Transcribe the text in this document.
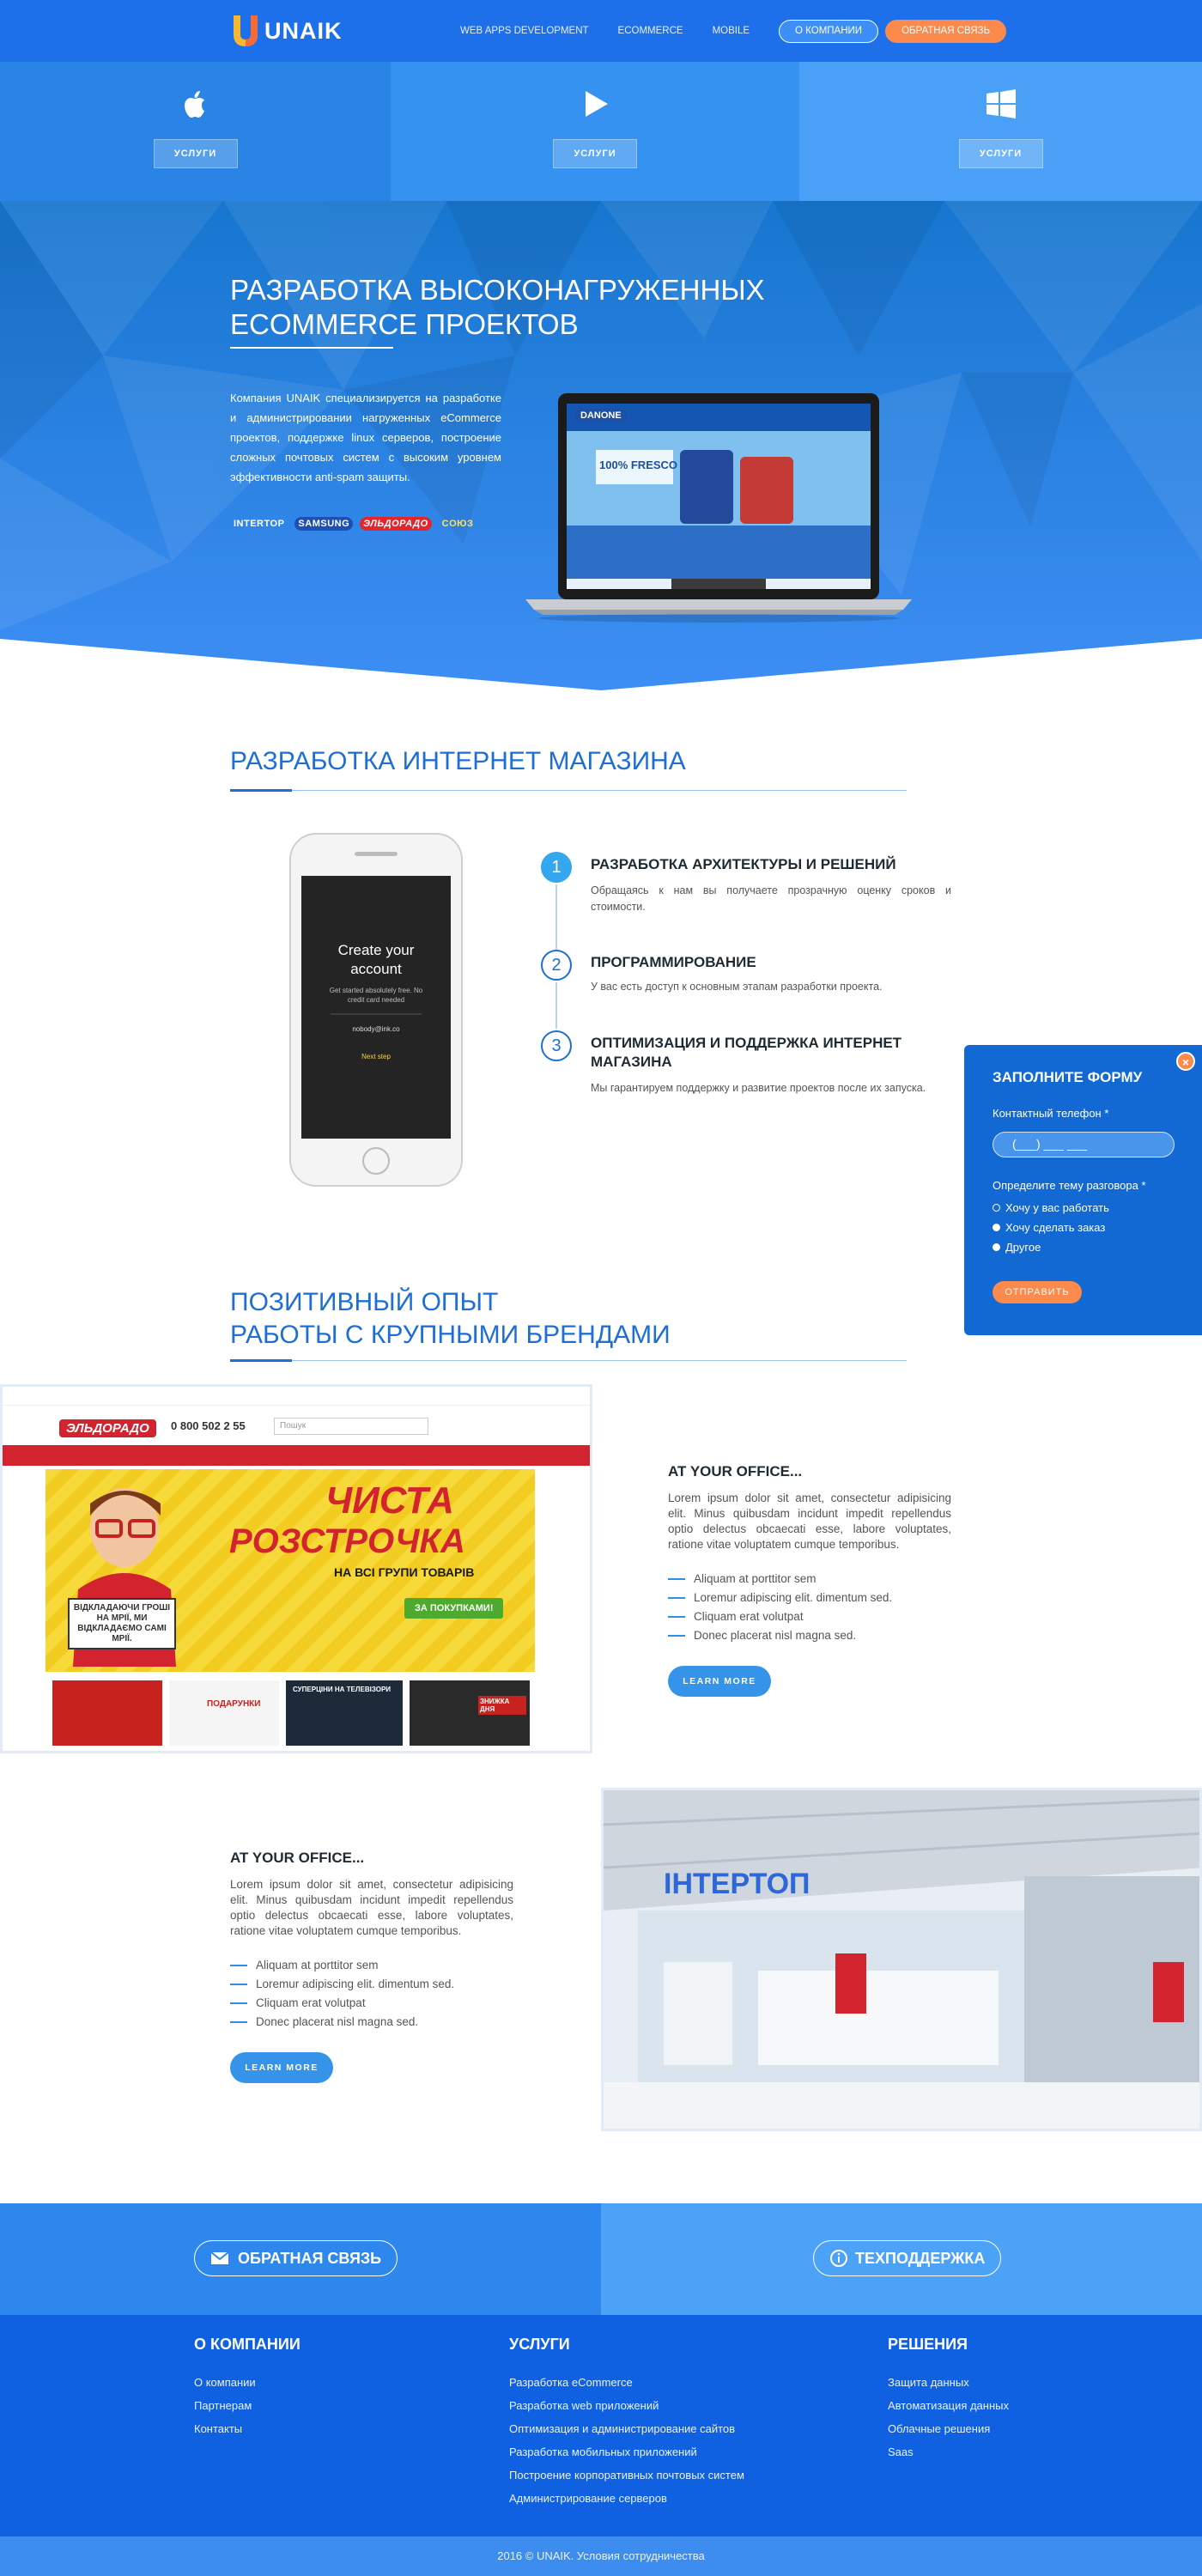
UNAIK	WEB APPS DEVELOPMENT	ECOMMERCE	MOBILE	О КОМПАНИИ	ОБРАТНАЯ СВЯЗЬ
УСЛУГИ	УСЛУГИ	УСЛУГИ
РАЗРАБОТКА ВЫСОКОНАГРУЖЕННЫХ ECOMMERCE ПРОЕКТОВ

Компания UNAIK специализируется на разработке и администрировании нагруженных eCommerce проектов, поддержке linux серверов, построение сложных почтовых систем с высоким уровнем эффективности anti-spam защиты.

INTERTOP	SAMSUNG	ЭЛЬДОРАДО	COЮЗ
DANONE
100% FRESCO
РАЗРАБОТКА ИНТЕРНЕТ МАГАЗИНА
Create your account
Get started absolutely free. No credit card needed
nobody@ink.co
Next step
1	РАЗРАБОТКА АРХИТЕКТУРЫ И РЕШЕНИЙ
Обращаясь к нам вы получаете прозрачную оценку сроков и стоимости.
2	ПРОГРАММИРОВАНИЕ
У вас есть доступ к основным этапам разработки проекта.
3	ОПТИМИЗАЦИЯ И ПОДДЕРЖКА ИНТЕРНЕТ МАГАЗИНА
Мы гарантируем поддержку и развитие проектов после их запуска.
×
ЗАПОЛНИТЕ ФОРМУ
Контактный телефон *
(___) ___ ___
Определите тему разговора *
Хочу у вас работать
Хочу сделать заказ
Другое
ОТПРАВИТЬ
ПОЗИТИВНЫЙ ОПЫТ
РАБОТЫ С КРУПНЫМИ БРЕНДАМИ
ЭЛЬДОРАДО	0 800 502 2 55	Пошук
ВІДКЛАДАЮЧИ ГРОШІ НА МРІЇ, МИ ВІДКЛАДАЄМО САМІ МРІЇ.
ЧИСТА
РОЗСТРОЧКА
НА ВСІ ГРУПИ ТОВАРІВ
ЗА ПОКУПКАМИ!
ПОДАРУНКИ
СУПЕРЦІНИ НА ТЕЛЕВІЗОРИ
ЗНИЖКА ДНЯ
AT YOUR OFFICE...
Lorem ipsum dolor sit amet, consectetur adipisicing elit. Minus quibusdam incidunt impedit repellendus optio delectus obcaecati esse, labore voluptates, ratione vitae voluptatem cumque temporibus.
Aliquam at porttitor sem
Loremur adipiscing elit. dimentum sed.
Cliquam erat volutpat
Donec placerat nisl magna sed.
LEARN MORE
AT YOUR OFFICE...
Lorem ipsum dolor sit amet, consectetur adipisicing elit. Minus quibusdam incidunt impedit repellendus optio delectus obcaecati esse, labore voluptates, ratione vitae voluptatem cumque temporibus.
Aliquam at porttitor sem
Loremur adipiscing elit. dimentum sed.
Cliquam erat volutpat
Donec placerat nisl magna sed.
LEARN MORE
ІНТЕРТОП
ОБРАТНАЯ СВЯЗЬ	ТЕХПОДДЕРЖКА
О КОМПАНИИ
О компании
Партнерам
Контакты
УСЛУГИ
Разработка eCommerce
Разработка web приложений
Оптимизация и администрирование сайтов
Разработка мобильных приложений
Построение корпоративных почтовых систем
Администрирование серверов
РЕШЕНИЯ
Защита данных
Автоматизация данных
Облачные решения
Saas
2016 © UNAIK. Условия сотрудничества
